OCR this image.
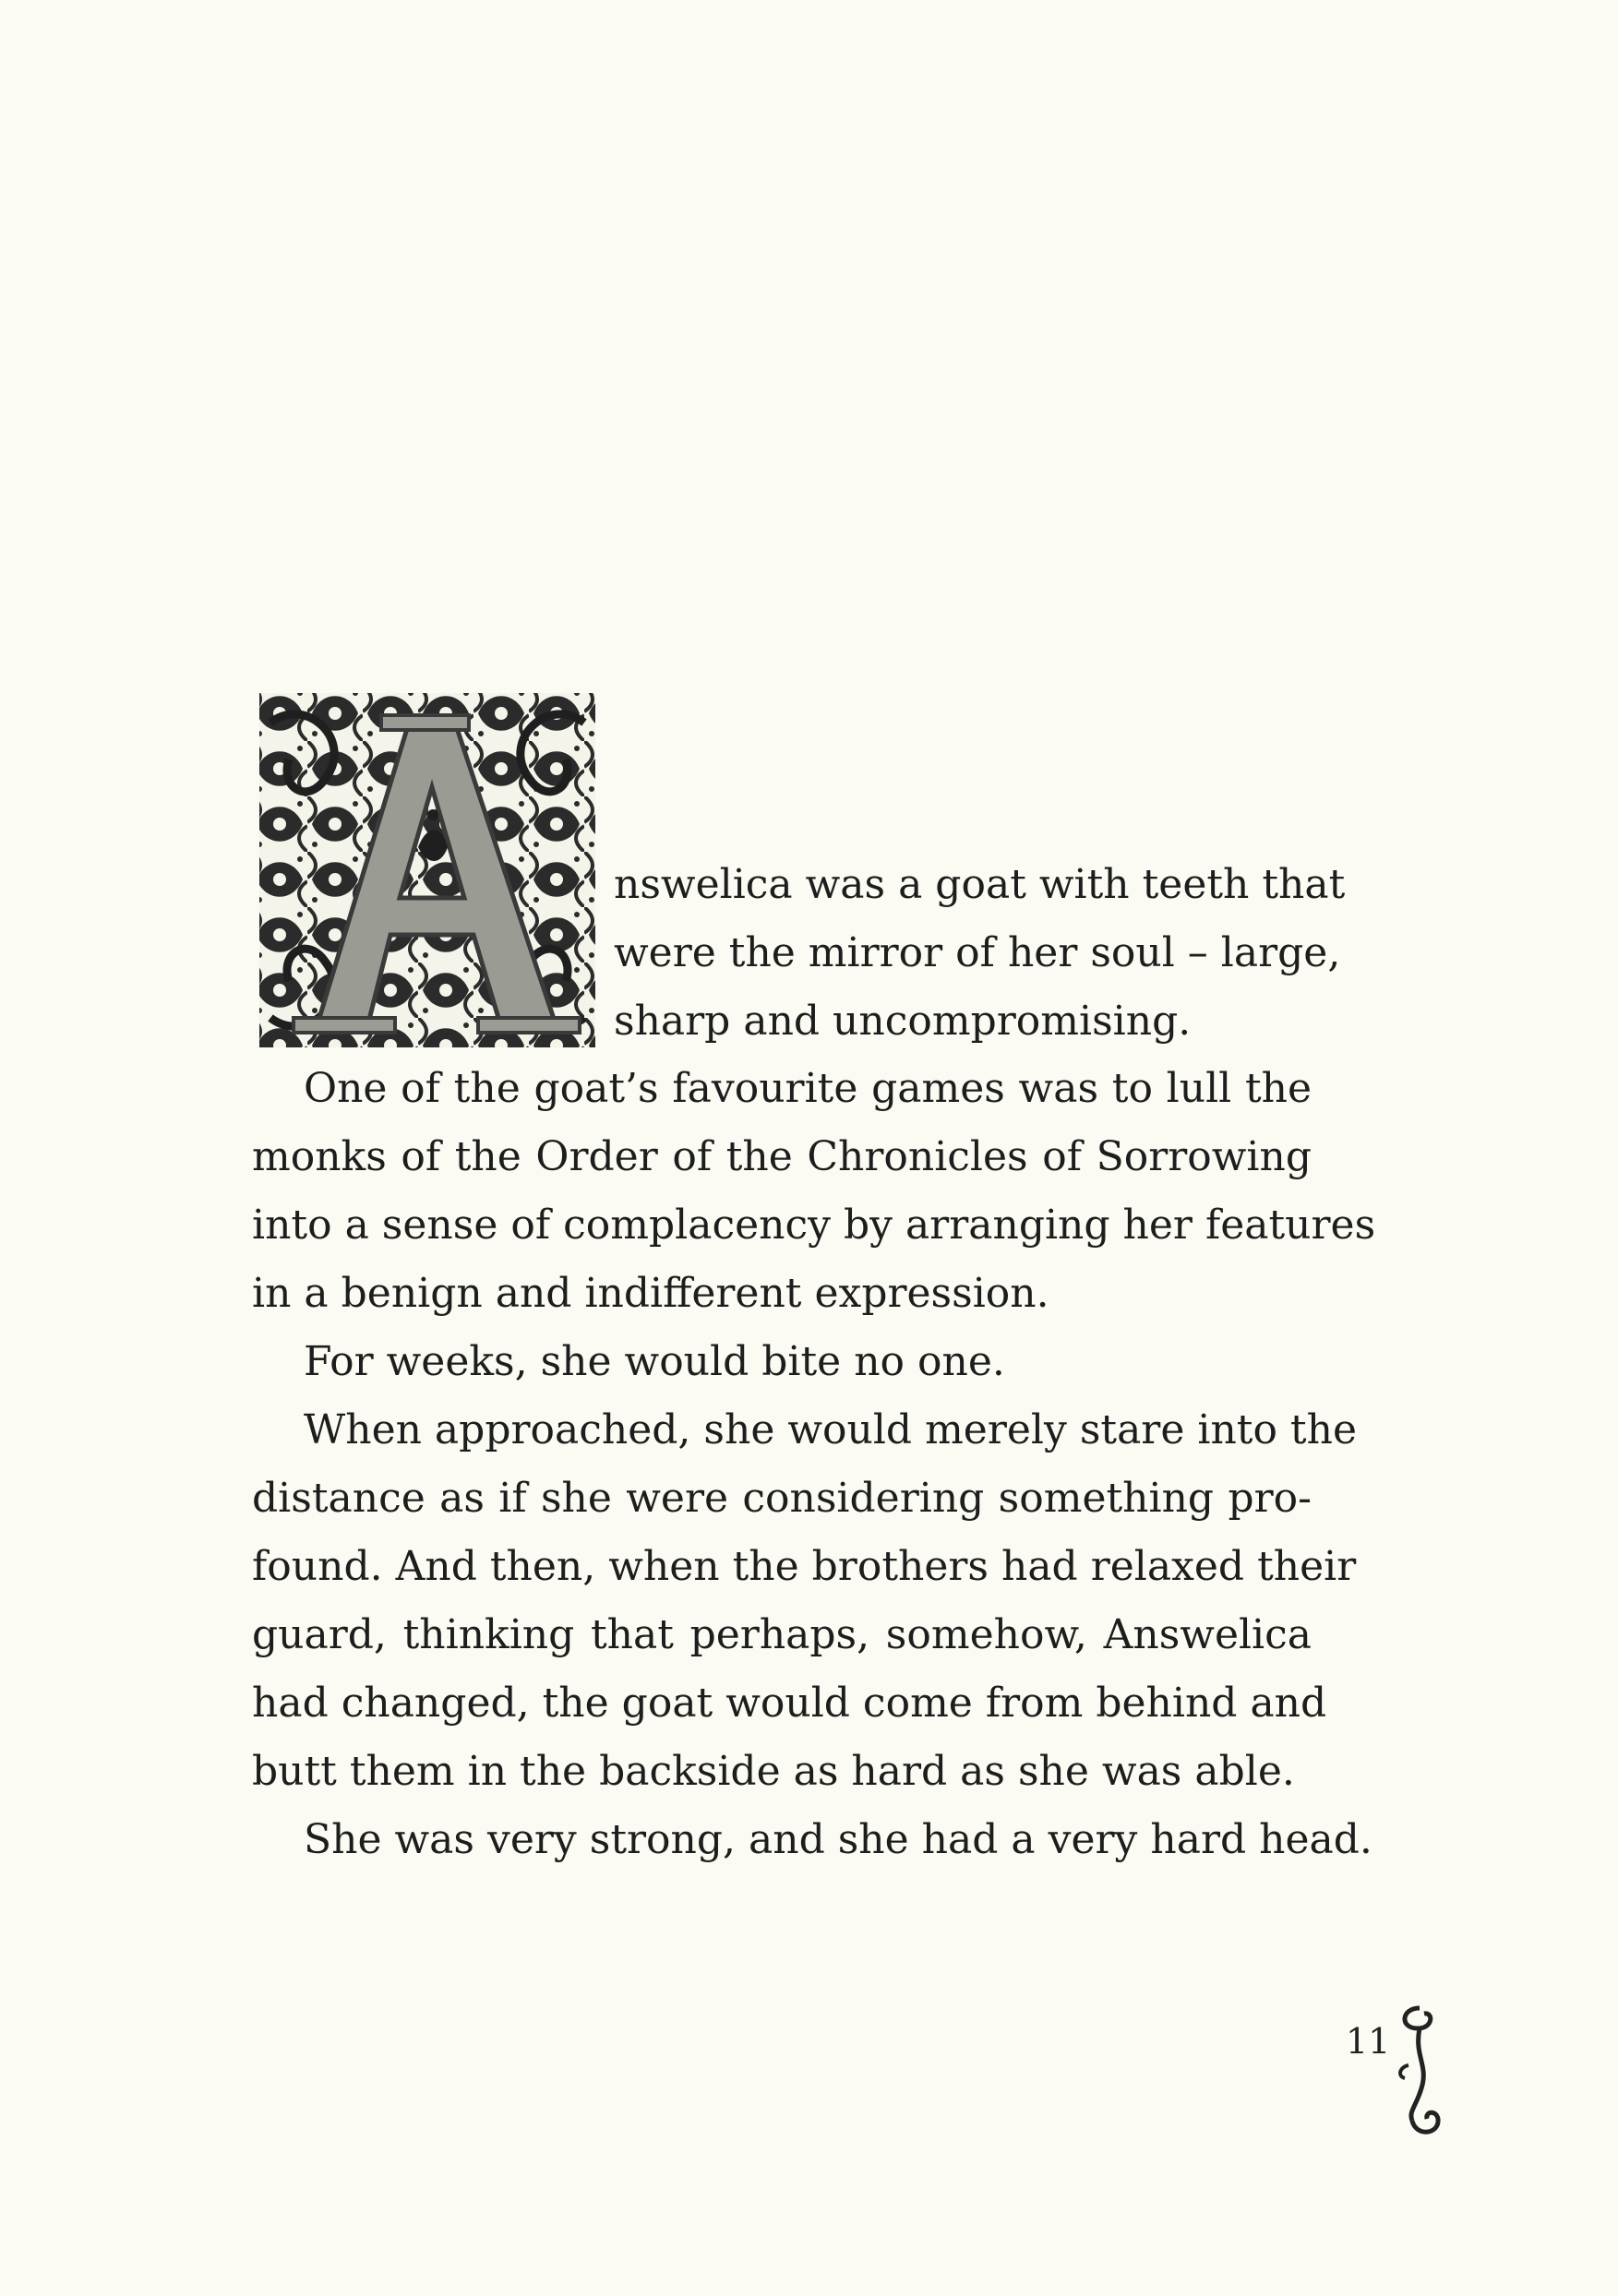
nswelica was a goat with teeth that
were the mirror of her soul – large,
sharp and uncompromising.
One of the goat’s favourite games was to lull the
monks of the Order of the Chronicles of Sorrowing
into a sense of complacency by arranging her features
in a benign and indifferent expression.
For weeks, she would bite no one.
When approached, she would merely stare into the
distance as if she were considering something pro-
found. And then, when the brothers had relaxed their
guard, thinking that perhaps, somehow, Answelica
had changed, the goat would come from behind and
butt them in the backside as hard as she was able.
She was very strong, and she had a very hard head.
11
